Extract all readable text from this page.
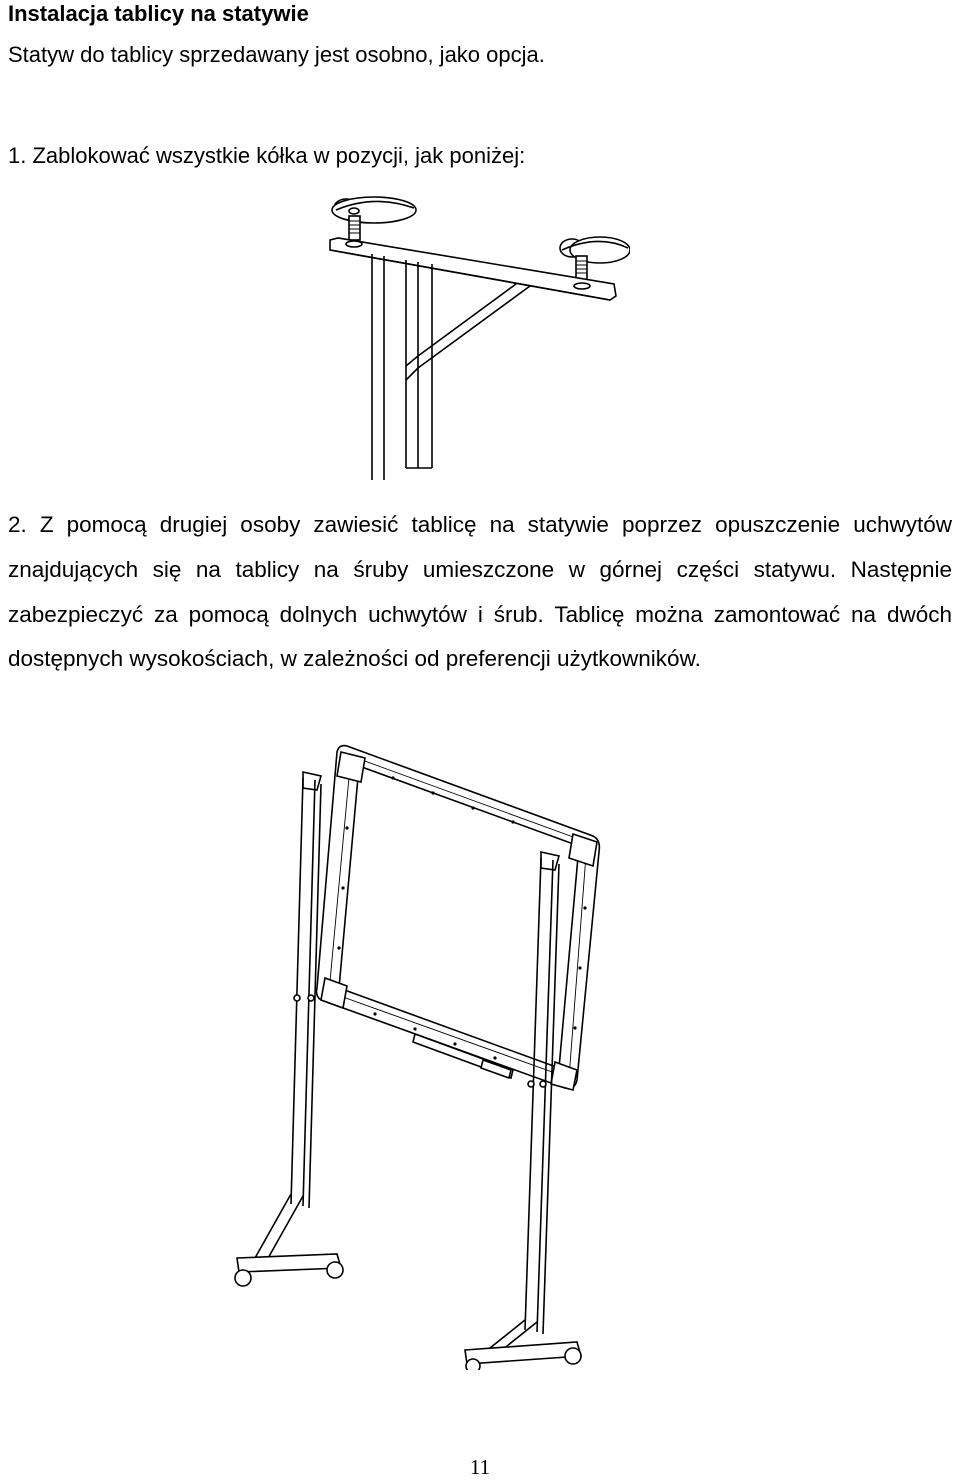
Instalacja tablicy na statywie
Statyw do tablicy sprzedawany jest osobno, jako opcja.
1. Zablokować wszystkie kółka w pozycji, jak poniżej:

2. Z pomocą drugiej osoby zawiesić tablicę na statywie poprzez opuszczenie uchwytów znajdujących się na tablicy na śruby umieszczone w górnej części statywu. Następnie zabezpieczyć za pomocą dolnych uchwytów i śrub. Tablicę można zamontować na dwóch dostępnych wysokościach, w zależności od preferencji użytkowników.

11
